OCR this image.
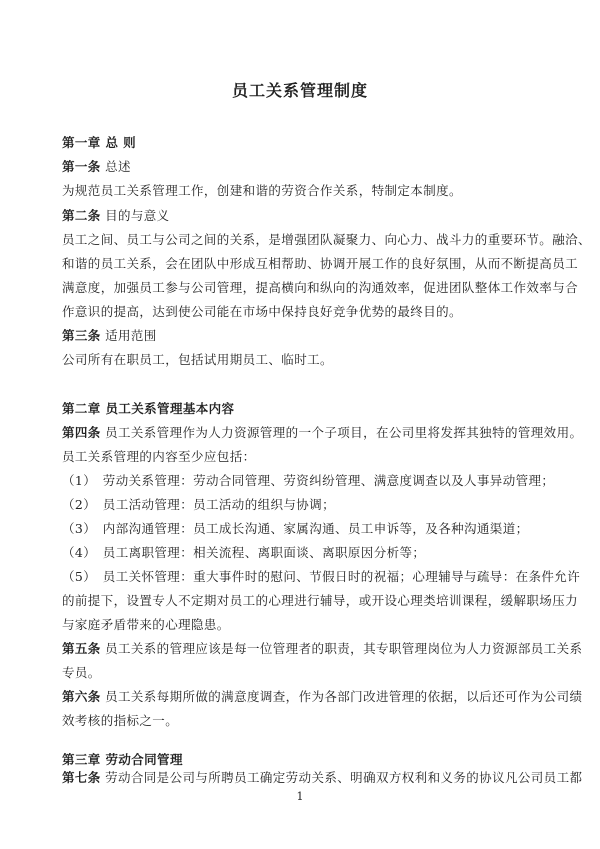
员工关系管理制度
第一章 总 则
第一条 总述
为规范员工关系管理工作，创建和谐的劳资合作关系，特制定本制度。
第二条 目的与意义
员工之间、员工与公司之间的关系，是增强团队凝聚力、向心力、战斗力的重要环节。融洽、
和谐的员工关系，会在团队中形成互相帮助、协调开展工作的良好氛围，从而不断提高员工
满意度，加强员工参与公司管理，提高横向和纵向的沟通效率，促进团队整体工作效率与合
作意识的提高，达到使公司能在市场中保持良好竞争优势的最终目的。
第三条 适用范围
公司所有在职员工，包括试用期员工、临时工。
第二章 员工关系管理基本内容
第四条 员工关系管理作为人力资源管理的一个子项目，在公司里将发挥其独特的管理效用。
员工关系管理的内容至少应包括：
（1）　劳动关系管理：劳动合同管理、劳资纠纷管理、满意度调查以及人事异动管理；
（2）　员工活动管理：员工活动的组织与协调；
（3）　内部沟通管理：员工成长沟通、家属沟通、员工申诉等，及各种沟通渠道；
（4）　员工离职管理：相关流程、离职面谈、离职原因分析等；
（5）　员工关怀管理：重大事件时的慰问、节假日时的祝福；心理辅导与疏导：在条件允许
的前提下，设置专人不定期对员工的心理进行辅导，或开设心理类培训课程，缓解职场压力
与家庭矛盾带来的心理隐患。
第五条 员工关系的管理应该是每一位管理者的职责，其专职管理岗位为人力资源部员工关系
专员。
第六条 员工关系每期所做的满意度调查，作为各部门改进管理的依据，以后还可作为公司绩
效考核的指标之一。
第三章 劳动合同管理
第七条 劳动合同是公司与所聘员工确定劳动关系、明确双方权利和义务的协议凡公司员工都
1
